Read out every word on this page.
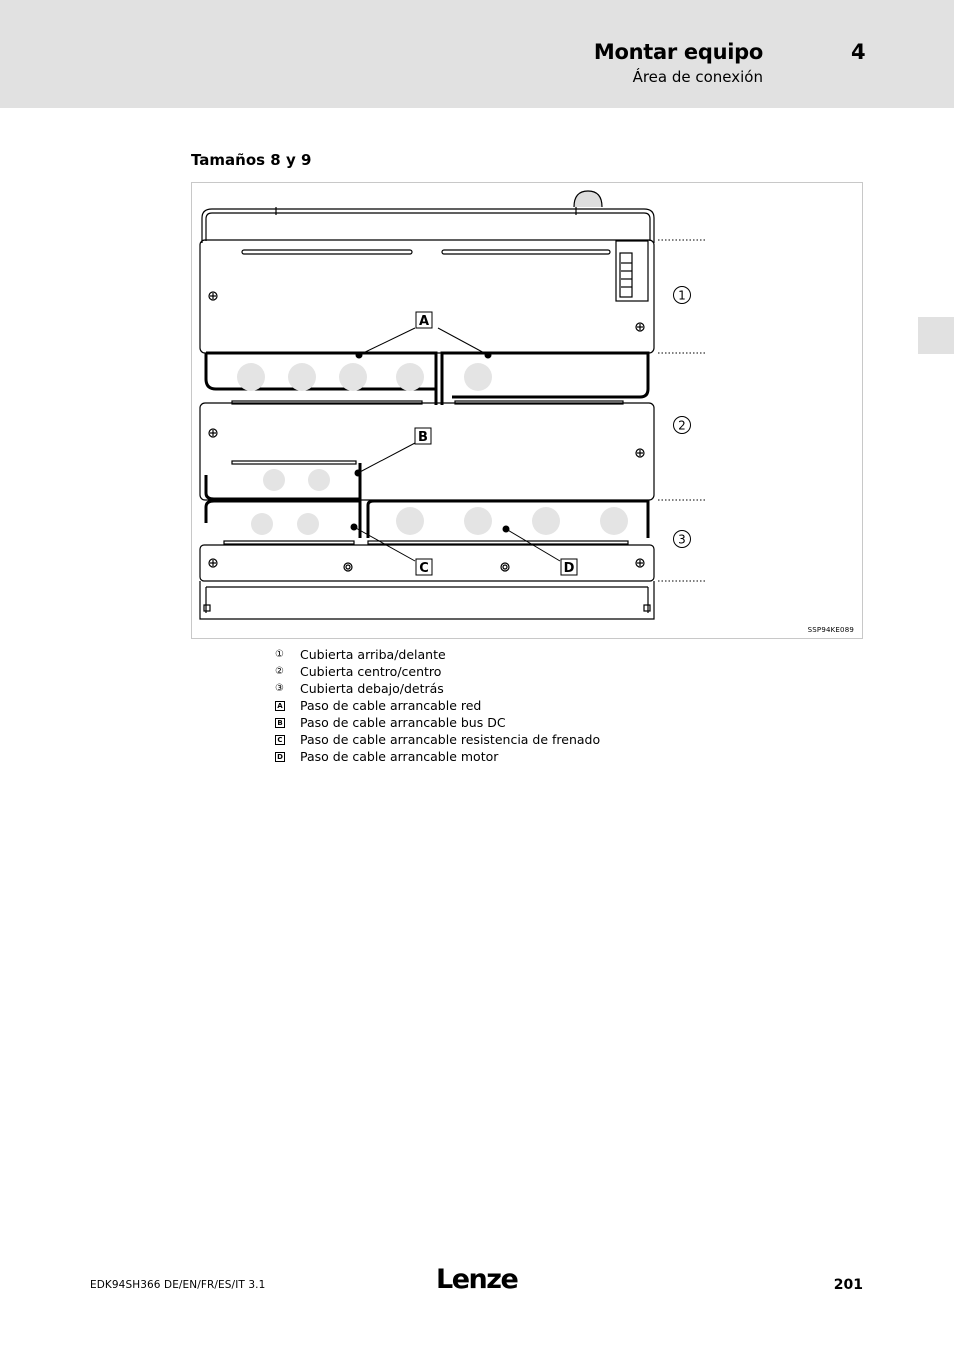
Montar equipo	4
Área de conexión
Tamaños 8 y 9
A
B
C	D
1
2
3
SSP94KE089
①	Cubierta arriba/delante
②	Cubierta centro/centro
③	Cubierta debajo/detrás
A	Paso de cable arrancable red
B	Paso de cable arrancable bus DC
C	Paso de cable arrancable resistencia de frenado
D	Paso de cable arrancable motor
EDK94SH366 DE/EN/FR/ES/IT 3.1	Lenze	201
